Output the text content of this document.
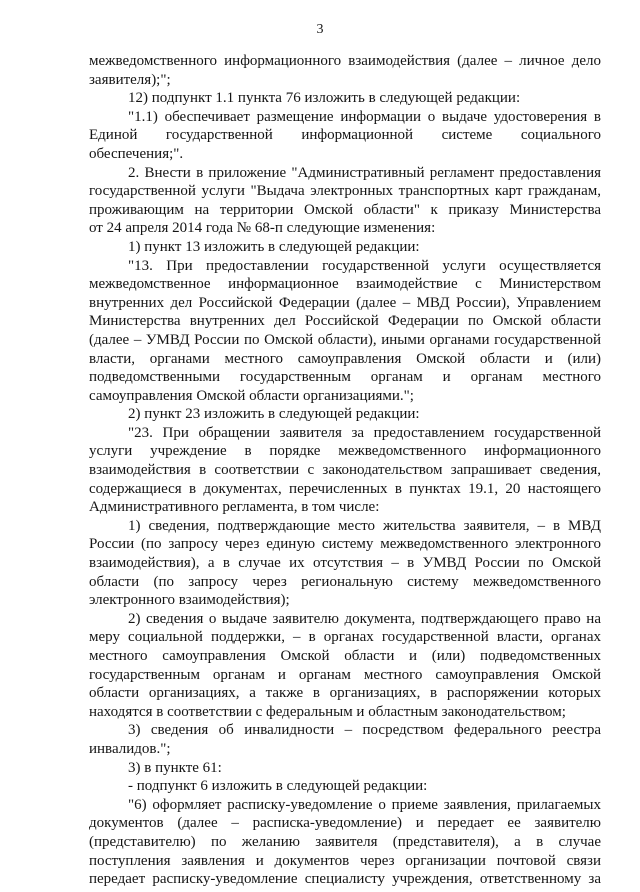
3
межведомственного информационного взаимодействия (далее – личное дело
заявителя);";
12) подпункт 1.1 пункта 76 изложить в следующей редакции:
"1.1) обеспечивает размещение информации о выдаче удостоверения в
Единой государственной информационной системе социального
обеспечения;".
2. Внести в приложение "Административный регламент предоставления
государственной услуги "Выдача электронных транспортных карт гражданам,
проживающим на территории Омской области" к приказу Министерства
от 24 апреля 2014 года № 68-п следующие изменения:
1) пункт 13 изложить в следующей редакции:
"13. При предоставлении государственной услуги осуществляется
межведомственное информационное взаимодействие с Министерством
внутренних дел Российской Федерации (далее – МВД России), Управлением
Министерства внутренних дел Российской Федерации по Омской области
(далее – УМВД России по Омской области), иными органами государственной
власти, органами местного самоуправления Омской области и (или)
подведомственными государственным органам и органам местного
самоуправления Омской области организациями.";
2) пункт 23 изложить в следующей редакции:
"23. При обращении заявителя за предоставлением государственной
услуги учреждение в порядке межведомственного информационного
взаимодействия в соответствии с законодательством запрашивает сведения,
содержащиеся в документах, перечисленных в пунктах 19.1, 20 настоящего
Административного регламента, в том числе:
1) сведения, подтверждающие место жительства заявителя, – в МВД
России (по запросу через единую систему межведомственного электронного
взаимодействия), а в случае их отсутствия – в УМВД России по Омской
области (по запросу через региональную систему межведомственного
электронного взаимодействия);
2) сведения о выдаче заявителю документа, подтверждающего право на
меру социальной поддержки, – в органах государственной власти, органах
местного самоуправления Омской области и (или) подведомственных
государственным органам и органам местного самоуправления Омской
области организациях, а также в организациях, в распоряжении которых
находятся в соответствии с федеральным и областным законодательством;
3) сведения об инвалидности – посредством федерального реестра
инвалидов.";
3) в пункте 61:
- подпункт 6 изложить в следующей редакции:
"6) оформляет расписку-уведомление о приеме заявления, прилагаемых
документов (далее – расписка-уведомление) и передает ее заявителю
(представителю) по желанию заявителя (представителя), а в случае
поступления заявления и документов через организации почтовой связи
передает расписку-уведомление специалисту учреждения, ответственному за
